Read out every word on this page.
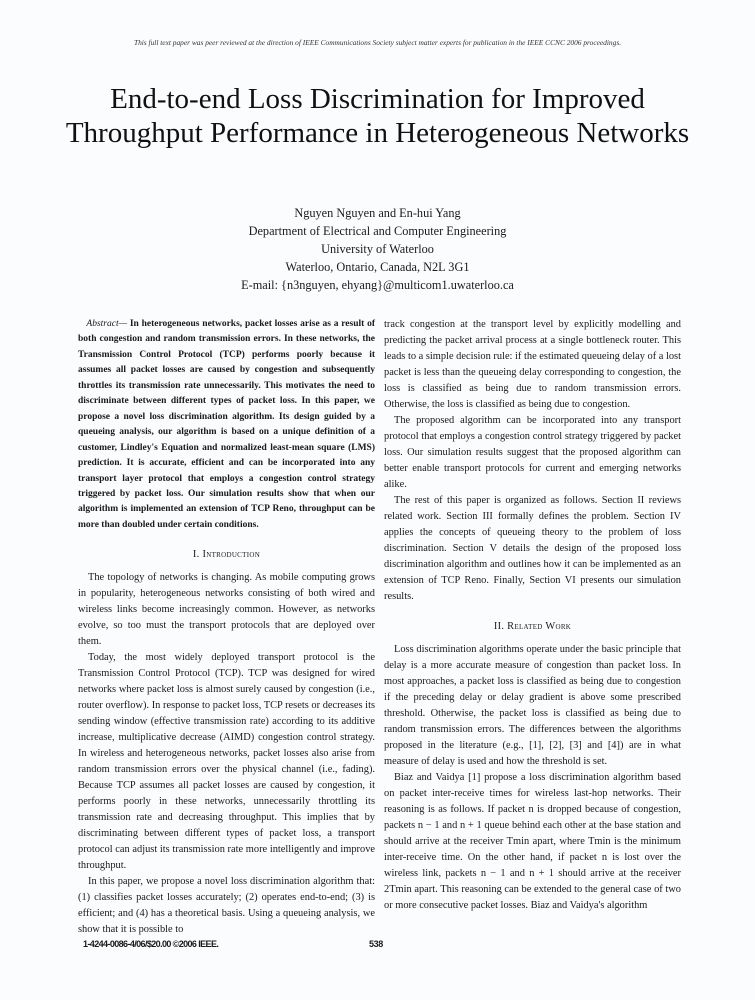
This full text paper was peer reviewed at the direction of IEEE Communications Society subject matter experts for publication in the IEEE CCNC 2006 proceedings.
End-to-end Loss Discrimination for Improved Throughput Performance in Heterogeneous Networks
Nguyen Nguyen and En-hui Yang
Department of Electrical and Computer Engineering
University of Waterloo
Waterloo, Ontario, Canada, N2L 3G1
E-mail: {n3nguyen, ehyang}@multicom1.uwaterloo.ca
Abstract— In heterogeneous networks, packet losses arise as a result of both congestion and random transmission errors. In these networks, the Transmission Control Protocol (TCP) performs poorly because it assumes all packet losses are caused by congestion and subsequently throttles its transmission rate unnecessarily. This motivates the need to discriminate between different types of packet loss. In this paper, we propose a novel loss discrimination algorithm. Its design guided by a queueing analysis, our algorithm is based on a unique definition of a customer, Lindley's Equation and normalized least-mean square (LMS) prediction. It is accurate, efficient and can be incorporated into any transport layer protocol that employs a congestion control strategy triggered by packet loss. Our simulation results show that when our algorithm is implemented an extension of TCP Reno, throughput can be more than doubled under certain conditions.
I. Introduction

The topology of networks is changing. As mobile computing grows in popularity, heterogeneous networks consisting of both wired and wireless links become increasingly common. However, as networks evolve, so too must the transport protocols that are deployed over them.

Today, the most widely deployed transport protocol is the Transmission Control Protocol (TCP). TCP was designed for wired networks where packet loss is almost surely caused by congestion (i.e., router overflow). In response to packet loss, TCP resets or decreases its sending window (effective transmission rate) according to its additive increase, multiplicative decrease (AIMD) congestion control strategy. In wireless and heterogeneous networks, packet losses also arise from random transmission errors over the physical channel (i.e., fading). Because TCP assumes all packet losses are caused by congestion, it performs poorly in these networks, unnecessarily throttling its transmission rate and decreasing throughput. This implies that by discriminating between different types of packet loss, a transport protocol can adjust its transmission rate more intelligently and improve throughput.

In this paper, we propose a novel loss discrimination algorithm that: (1) classifies packet losses accurately; (2) operates end-to-end; (3) is efficient; and (4) has a theoretical basis. Using a queueing analysis, we show that it is possible to

track congestion at the transport level by explicitly modelling and predicting the packet arrival process at a single bottleneck router. This leads to a simple decision rule: if the estimated queueing delay of a lost packet is less than the queueing delay corresponding to congestion, the loss is classified as being due to random transmission errors. Otherwise, the loss is classified as being due to congestion.

The proposed algorithm can be incorporated into any transport protocol that employs a congestion control strategy triggered by packet loss. Our simulation results suggest that the proposed algorithm can better enable transport protocols for current and emerging networks alike.

The rest of this paper is organized as follows. Section II reviews related work. Section III formally defines the problem. Section IV applies the concepts of queueing theory to the problem of loss discrimination. Section V details the design of the proposed loss discrimination algorithm and outlines how it can be implemented as an extension of TCP Reno. Finally, Section VI presents our simulation results.

II. Related Work

Loss discrimination algorithms operate under the basic principle that delay is a more accurate measure of congestion than packet loss. In most approaches, a packet loss is classified as being due to congestion if the preceding delay or delay gradient is above some prescribed threshold. Otherwise, the packet loss is classified as being due to random transmission errors. The differences between the algorithms proposed in the literature (e.g., [1], [2], [3] and [4]) are in what measure of delay is used and how the threshold is set.

Biaz and Vaidya [1] propose a loss discrimination algorithm based on packet inter-receive times for wireless last-hop networks. Their reasoning is as follows. If packet n is dropped because of congestion, packets n − 1 and n + 1 queue behind each other at the base station and should arrive at the receiver Tmin apart, where Tmin is the minimum inter-receive time. On the other hand, if packet n is lost over the wireless link, packets n − 1 and n + 1 should arrive at the receiver 2Tmin apart. This reasoning can be extended to the general case of two or more consecutive packet losses. Biaz and Vaidya's algorithm

1-4244-0086-4/06/$20.00 ©2006 IEEE.	538
